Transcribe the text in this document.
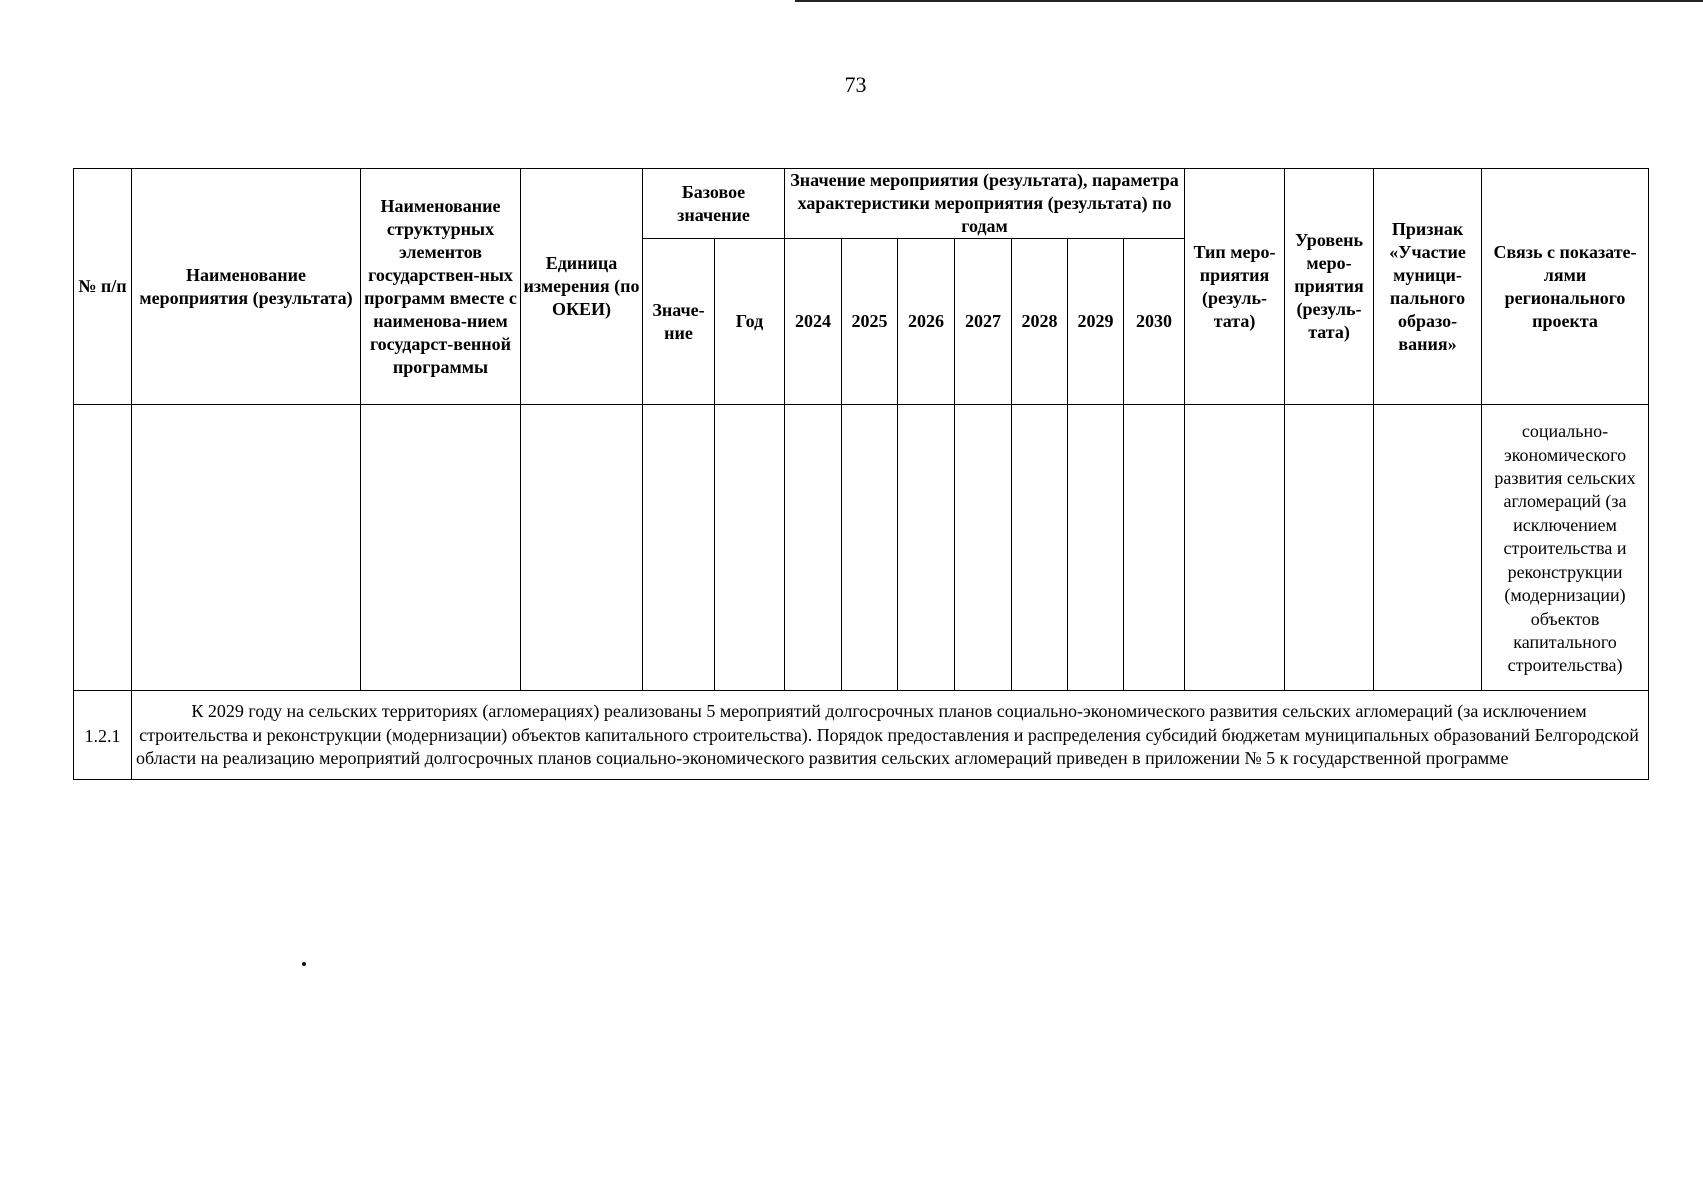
73
№ п/п	Наименование мероприятия (результата)	Наименование структурных элементов государствен-ных программ вместе с наименова-нием государст-венной программы	Единица измерения (по ОКЕИ)	Базовое значение		Значение мероприятия (результата), параметра характеристики мероприятия (результата) по годам							Тип меро-приятия (резуль-тата)	Уровень меро-приятия (резуль-тата)	Признак «Участие муници-пального образо-вания»	Связь с показате-лями регионального проекта
				Значе-ние	Год	2024	2025	2026	2027	2028	2029	2030				
																социально-экономического развития сельских агломераций (за исключением строительства и реконструкции (модернизации) объектов капитального строительства)
1.2.1	К 2029 году на сельских территориях (агломерациях) реализованы 5 мероприятий долгосрочных планов социально-экономического развития сельских агломераций (за исключением строительства и реконструкции (модернизации) объектов капитального строительства). Порядок предоставления и распределения субсидий бюджетам муниципальных образований Белгородской области на реализацию мероприятий долгосрочных планов социально-экономического развития сельских агломераций приведен в приложении № 5 к государственной программе															
